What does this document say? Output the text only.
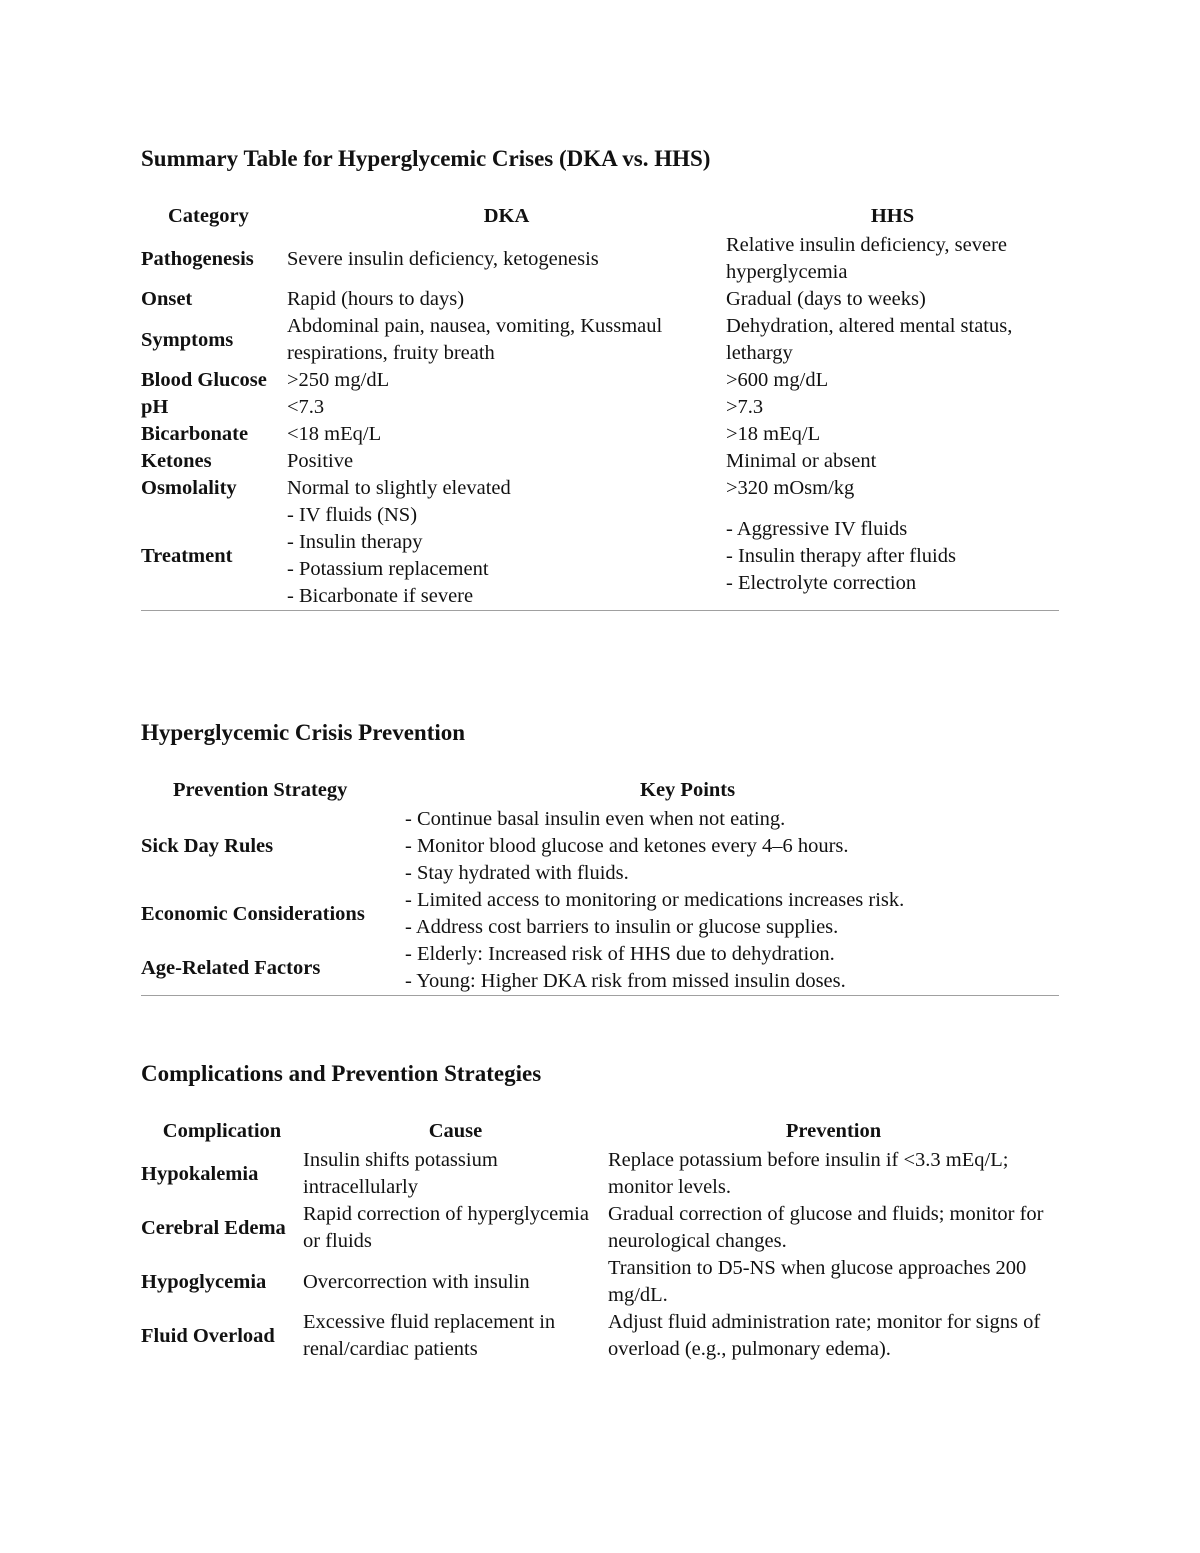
Summary Table for Hyperglycemic Crises (DKA vs. HHS)
Category	DKA	HHS
Pathogenesis	Severe insulin deficiency, ketogenesis	Relative insulin deficiency, severe hyperglycemia
Onset	Rapid (hours to days)	Gradual (days to weeks)
Symptoms	Abdominal pain, nausea, vomiting, Kussmaul respirations, fruity breath	Dehydration, altered mental status, lethargy
Blood Glucose	>250 mg/dL	>600 mg/dL
pH	<7.3	>7.3
Bicarbonate	<18 mEq/L	>18 mEq/L
Ketones	Positive	Minimal or absent
Osmolality	Normal to slightly elevated	>320 mOsm/kg
Treatment	- IV fluids (NS)
- Insulin therapy
- Potassium replacement
- Bicarbonate if severe	- Aggressive IV fluids
- Insulin therapy after fluids
- Electrolyte correction
Hyperglycemic Crisis Prevention
Prevention Strategy	Key Points
Sick Day Rules	- Continue basal insulin even when not eating.
- Monitor blood glucose and ketones every 4–6 hours.
- Stay hydrated with fluids.

Economic Considerations	- Limited access to monitoring or medications increases risk.
- Address cost barriers to insulin or glucose supplies.

Age-Related Factors	- Elderly: Increased risk of HHS due to dehydration.
- Young: Higher DKA risk from missed insulin doses.
Complications and Prevention Strategies
Complication	Cause	Prevention
Hypokalemia	Insulin shifts potassium intracellularly	Replace potassium before insulin if <3.3 mEq/L; monitor levels.
Cerebral Edema	Rapid correction of hyperglycemia or fluids	Gradual correction of glucose and fluids; monitor for neurological changes.
Hypoglycemia	Overcorrection with insulin	Transition to D5-NS when glucose approaches 200 mg/dL.
Fluid Overload	Excessive fluid replacement in renal/cardiac patients	Adjust fluid administration rate; monitor for signs of overload (e.g., pulmonary edema).
